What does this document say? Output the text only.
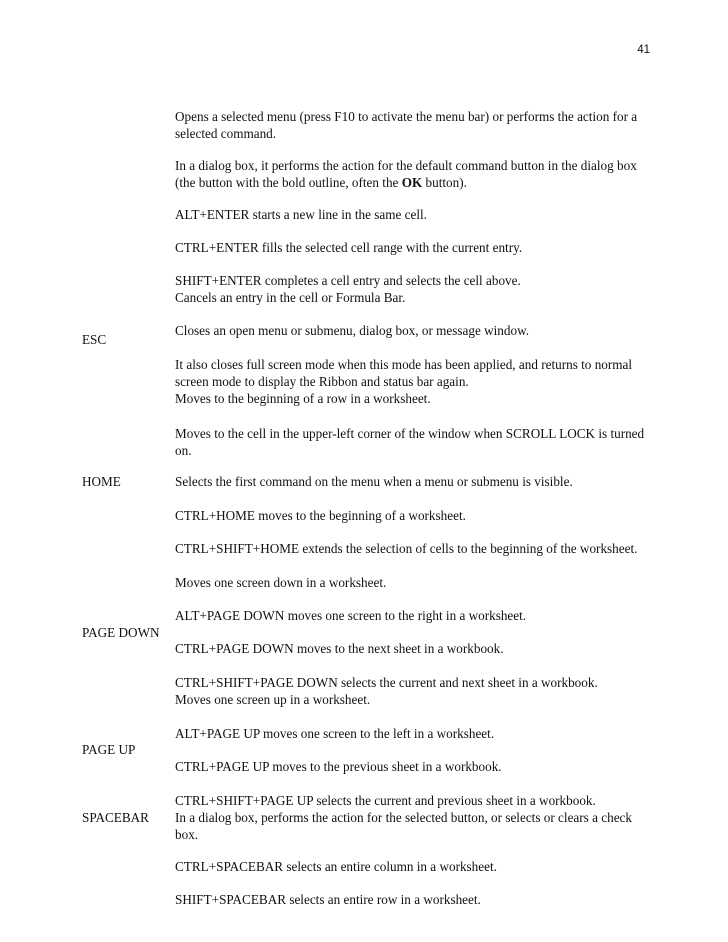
41

Opens a selected menu (press F10 to activate the menu bar) or performs the action for a selected command.

In a dialog box, it performs the action for the default command button in the dialog box (the button with the bold outline, often the OK button).

ALT+ENTER starts a new line in the same cell.

CTRL+ENTER fills the selected cell range with the current entry.

SHIFT+ENTER completes a cell entry and selects the cell above.

ESC

Cancels an entry in the cell or Formula Bar.

Closes an open menu or submenu, dialog box, or message window.

It also closes full screen mode when this mode has been applied, and returns to normal screen mode to display the Ribbon and status bar again.

HOME

Moves to the beginning of a row in a worksheet.

Moves to the cell in the upper-left corner of the window when SCROLL LOCK is turned on.

Selects the first command on the menu when a menu or submenu is visible.

CTRL+HOME moves to the beginning of a worksheet.

CTRL+SHIFT+HOME extends the selection of cells to the beginning of the worksheet.

PAGE DOWN

Moves one screen down in a worksheet.

ALT+PAGE DOWN moves one screen to the right in a worksheet.

CTRL+PAGE DOWN moves to the next sheet in a workbook.

CTRL+SHIFT+PAGE DOWN selects the current and next sheet in a workbook.

PAGE UP

Moves one screen up in a worksheet.

ALT+PAGE UP moves one screen to the left in a worksheet.

CTRL+PAGE UP moves to the previous sheet in a workbook.

CTRL+SHIFT+PAGE UP selects the current and previous sheet in a workbook.

SPACEBAR In a dialog box, performs the action for the selected button, or selects or clears a check box.

CTRL+SPACEBAR selects an entire column in a worksheet.

SHIFT+SPACEBAR selects an entire row in a worksheet.
